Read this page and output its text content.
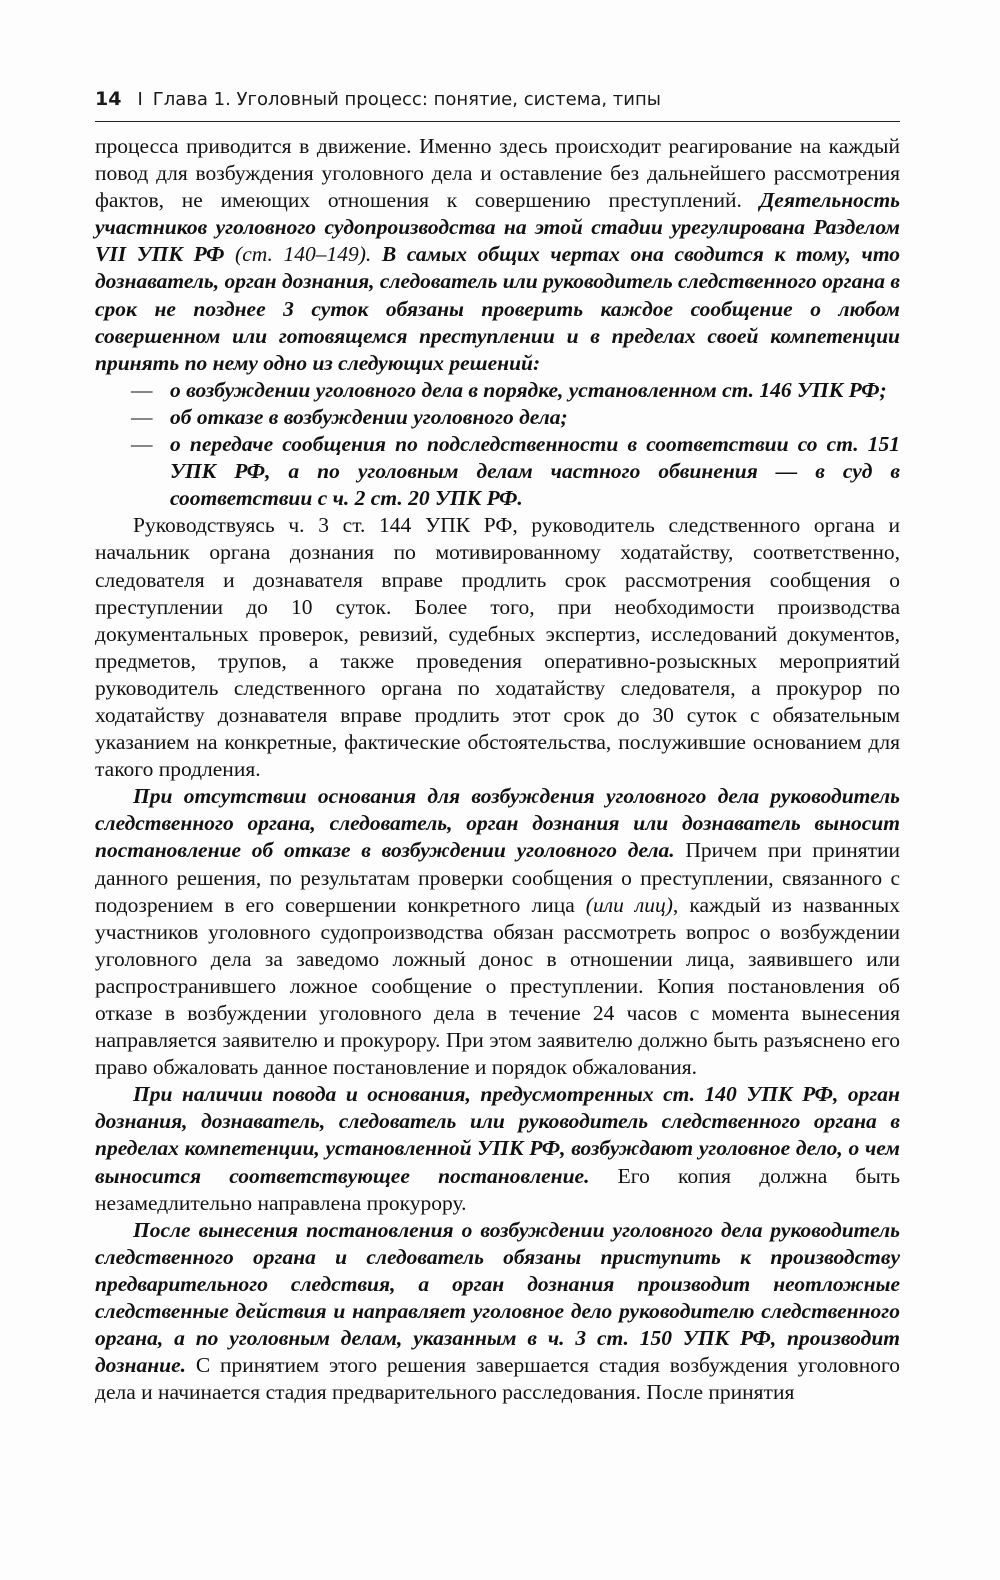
14 I Глава 1. Уголовный процесс: понятие, система, типы

процесса приводится в движение. Именно здесь происходит реагирование на каждый повод для возбуждения уголовного дела и оставление без дальнейшего рассмотрения фактов, не имеющих отношения к совершению преступлений. Деятельность участников уголовного судопроизводства на этой стадии урегулирована Разделом VII УПК РФ (ст. 140–149). В самых общих чертах она сводится к тому, что дознаватель, орган дознания, следователь или руководитель следственного органа в срок не позднее 3 суток обязаны проверить каждое сообщение о любом совершенном или готовящемся преступлении и в пределах своей компетенции принять по нему одно из следующих решений:

— о возбуждении уголовного дела в порядке, установленном ст. 146 УПК РФ;
— об отказе в возбуждении уголовного дела;
— о передаче сообщения по подследственности в соответствии со ст. 151 УПК РФ, а по уголовным делам частного обвинения — в суд в соответствии с ч. 2 ст. 20 УПК РФ.

Руководствуясь ч. 3 ст. 144 УПК РФ, руководитель следственного органа и начальник органа дознания по мотивированному ходатайству, соответственно, следователя и дознавателя вправе продлить срок рассмотрения сообщения о преступлении до 10 суток. Более того, при необходимости производства документальных проверок, ревизий, судебных экспертиз, исследований документов, предметов, трупов, а также проведения оперативно-розыскных мероприятий руководитель следственного органа по ходатайству следователя, а прокурор по ходатайству дознавателя вправе продлить этот срок до 30 суток с обязательным указанием на конкретные, фактические обстоятельства, послужившие основанием для такого продления.

При отсутствии основания для возбуждения уголовного дела руководитель следственного органа, следователь, орган дознания или дознаватель выносит постановление об отказе в возбуждении уголовного дела. Причем при принятии данного решения, по результатам проверки сообщения о преступлении, связанного с подозрением в его совершении конкретного лица (или лиц), каждый из названных участников уголовного судопроизводства обязан рассмотреть вопрос о возбуждении уголовного дела за заведомо ложный донос в отношении лица, заявившего или распространившего ложное сообщение о преступлении. Копия постановления об отказе в возбуждении уголовного дела в течение 24 часов с момента вынесения направляется заявителю и прокурору. При этом заявителю должно быть разъяснено его право обжаловать данное постановление и порядок обжалования.

При наличии повода и основания, предусмотренных ст. 140 УПК РФ, орган дознания, дознаватель, следователь или руководитель следственного органа в пределах компетенции, установленной УПК РФ, возбуждают уголовное дело, о чем выносится соответствующее постановление. Его копия должна быть незамедлительно направлена прокурору.

После вынесения постановления о возбуждении уголовного дела руководитель следственного органа и следователь обязаны приступить к производству предварительного следствия, а орган дознания производит неотложные следственные действия и направляет уголовное дело руководителю следственного органа, а по уголовным делам, указанным в ч. 3 ст. 150 УПК РФ, производит дознание. С принятием этого решения завершается стадия возбуждения уголовного дела и начинается стадия предварительного расследования. После принятия
